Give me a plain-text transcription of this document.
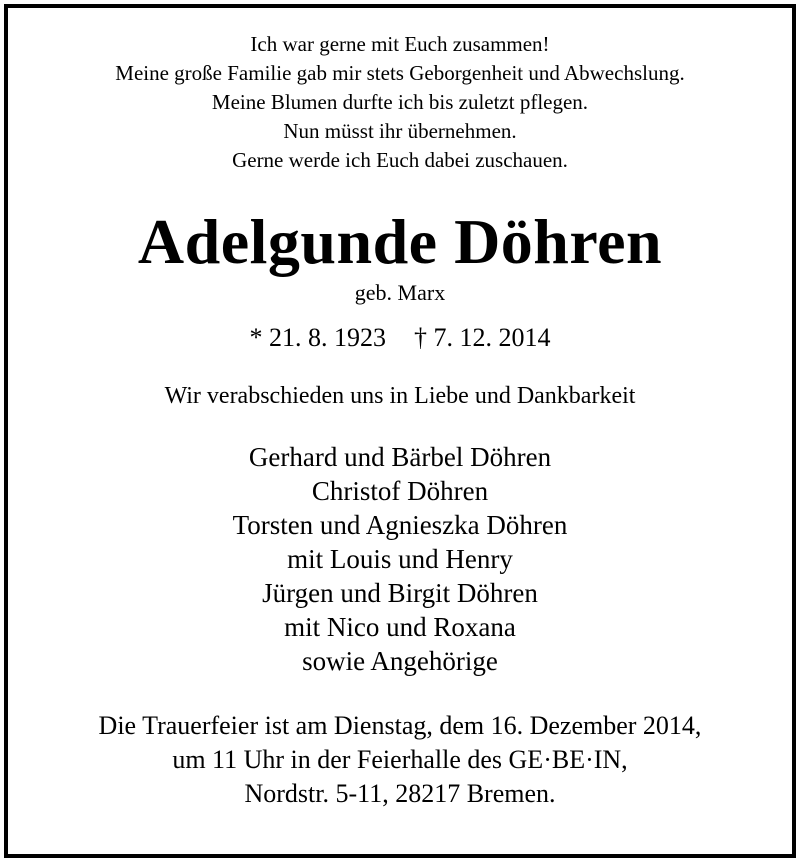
Ich war gerne mit Euch zusammen!
Meine große Familie gab mir stets Geborgenheit und Abwechslung.
Meine Blumen durfte ich bis zuletzt pflegen.
Nun müsst ihr übernehmen.
Gerne werde ich Euch dabei zuschauen.
Adelgunde Döhren
geb. Marx
* 21. 8. 1923 † 7. 12. 2014
Wir verabschieden uns in Liebe und Dankbarkeit
Gerhard und Bärbel Döhren
Christof Döhren
Torsten und Agnieszka Döhren
mit Louis und Henry
Jürgen und Birgit Döhren
mit Nico und Roxana
sowie Angehörige
Die Trauerfeier ist am Dienstag, dem 16. Dezember 2014,
um 11 Uhr in der Feierhalle des GE·BE·IN,
Nordstr. 5-11, 28217 Bremen.
